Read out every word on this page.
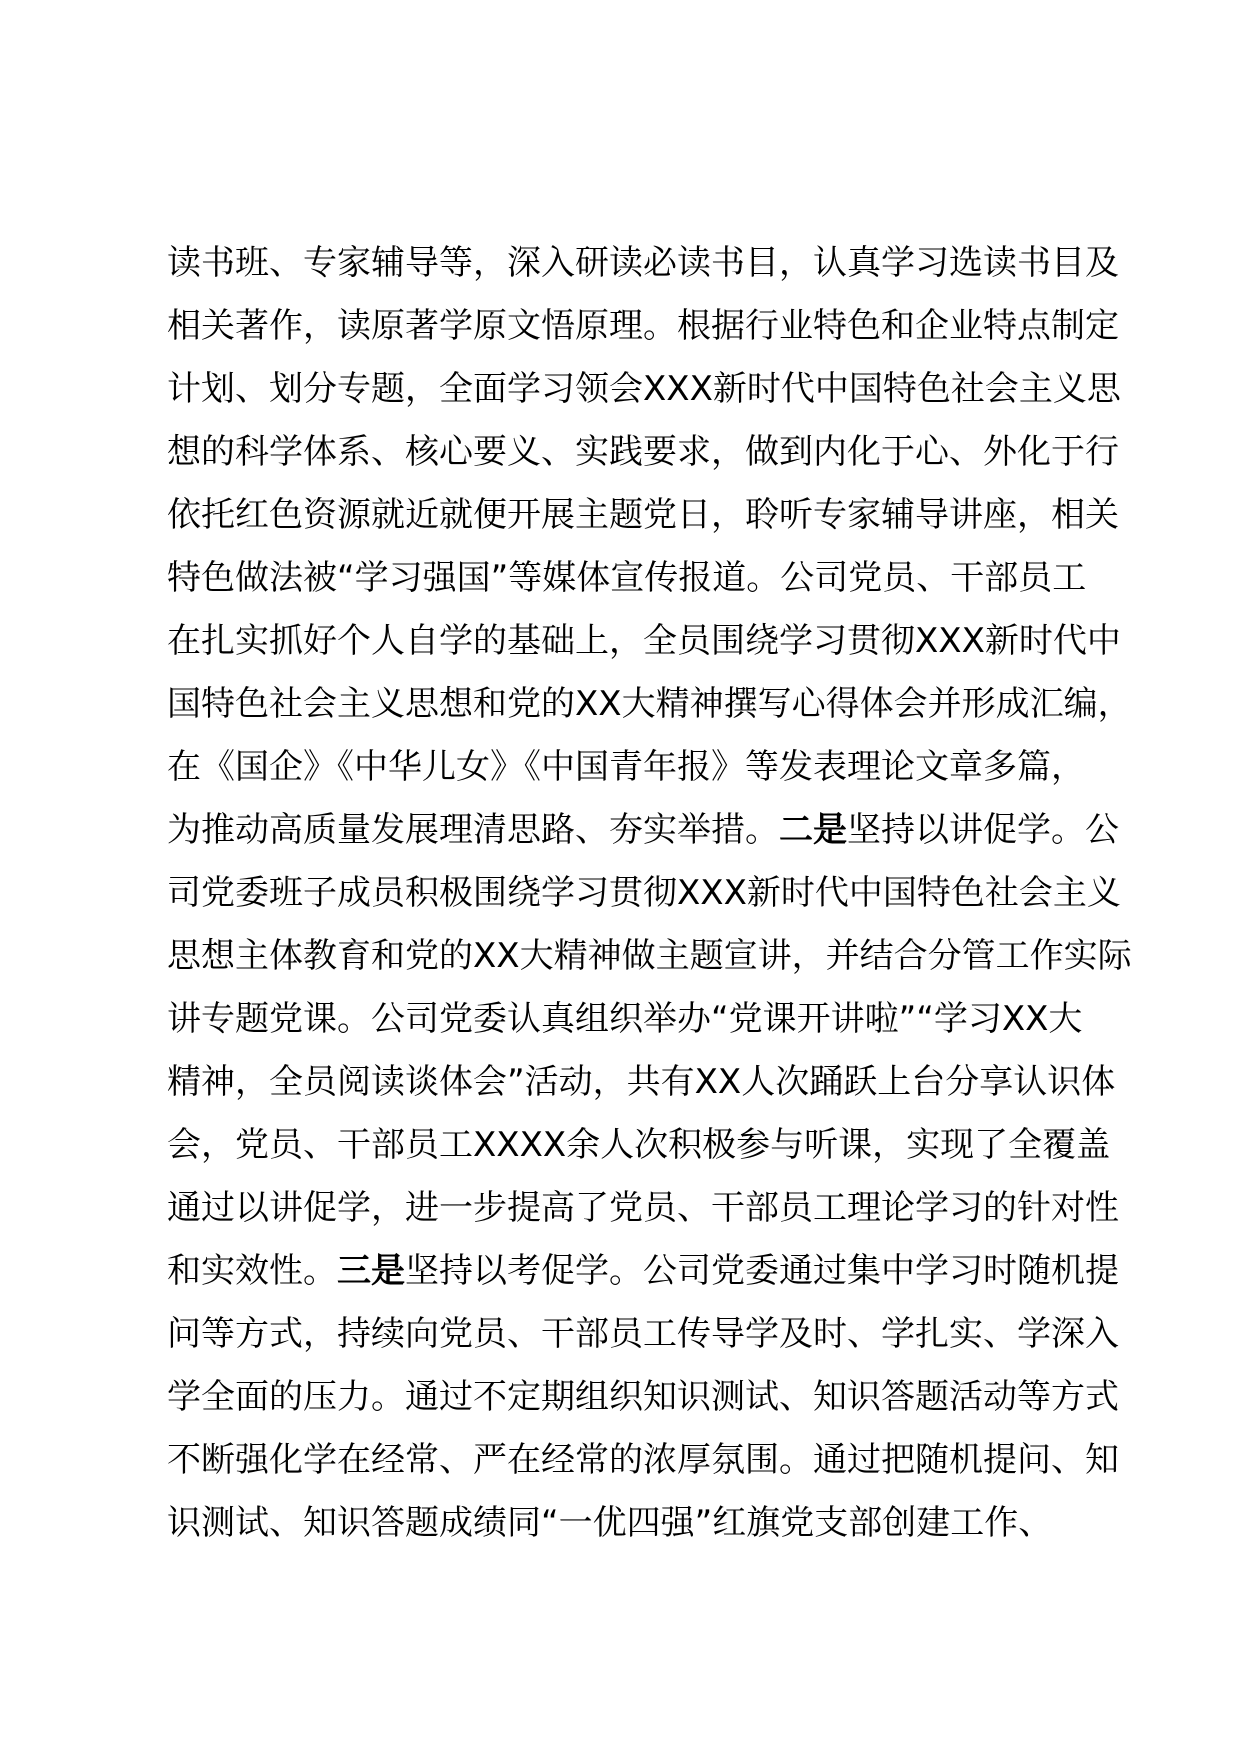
读书班、专家辅导等，深入研读必读书目，认真学习选读书目及
相关著作，读原著学原文悟原理。根据行业特色和企业特点制定
计划、划分专题，全面学习领会XXX新时代中国特色社会主义思
想的科学体系、核心要义、实践要求，做到内化于心、外化于行
依托红色资源就近就便开展主题党日，聆听专家辅导讲座，相关
特色做法被“学习强国”等媒体宣传报道。公司党员、干部员工
在扎实抓好个人自学的基础上，全员围绕学习贯彻XXX新时代中
国特色社会主义思想和党的XX大精神撰写心得体会并形成汇编，
在《国企》《中华儿女》《中国青年报》等发表理论文章多篇，
为推动高质量发展理清思路、夯实举措。二是坚持以讲促学。公
司党委班子成员积极围绕学习贯彻XXX新时代中国特色社会主义
思想主体教育和党的XX大精神做主题宣讲，并结合分管工作实际
讲专题党课。公司党委认真组织举办“党课开讲啦”“学习XX大
精神，全员阅读谈体会”活动，共有XX人次踊跃上台分享认识体
会，党员、干部员工XXXX余人次积极参与听课，实现了全覆盖
通过以讲促学，进一步提高了党员、干部员工理论学习的针对性
和实效性。三是坚持以考促学。公司党委通过集中学习时随机提
问等方式，持续向党员、干部员工传导学及时、学扎实、学深入
学全面的压力。通过不定期组织知识测试、知识答题活动等方式
不断强化学在经常、严在经常的浓厚氛围。通过把随机提问、知
识测试、知识答题成绩同“一优四强”红旗党支部创建工作、
